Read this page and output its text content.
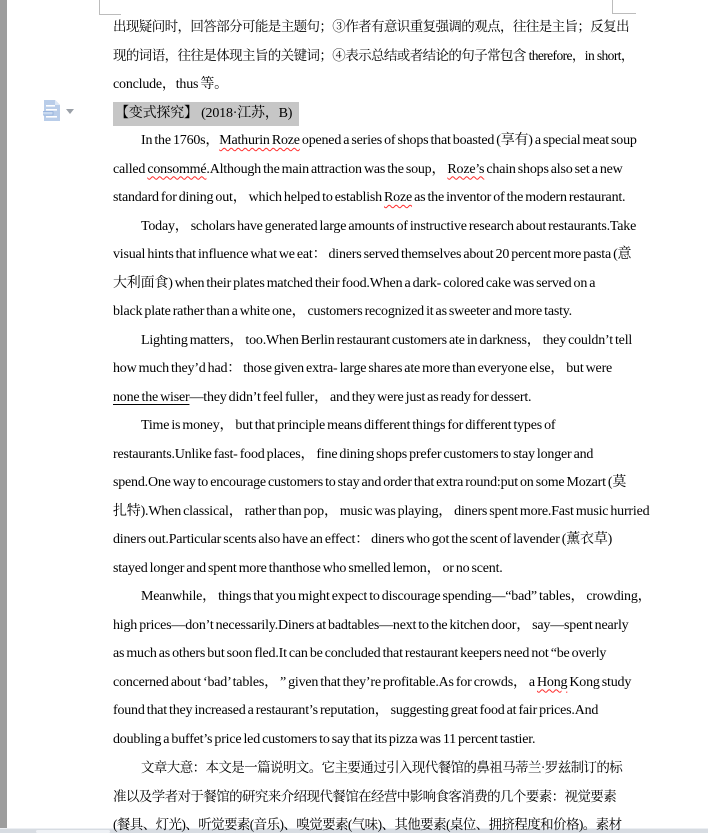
【变式探究】 (2018·江苏，B)
出现疑问时，回答部分可能是主题句；③作者有意识重复强调的观点，往往是主旨；反复出
现的词语，往往是体现主旨的关键词；④表示总结或者结论的句子常包含 therefore，in short，
conclude，thus 等。
In the 1760s，Mathurin Roze opened a series of shops that boasted (享有) a special meat soup
called consommé.Although the main attraction was the soup， Roze’s chain shops also set a new
standard for dining out， which helped to establish Roze as the inventor of the modern restaurant.
Today， scholars have generated large amounts of instructive research about restaurants.Take
visual hints that influence what we eat： diners served themselves about 20 percent more pasta (意
大利面食) when their plates matched their food.When a dark- colored cake was served on a
black plate rather than a white one， customers recognized it as sweeter and more tasty.
Lighting matters， too.When Berlin restaurant customers ate in darkness， they couldn’t tell
how much they’d had： those given extra- large shares ate more than everyone else， but were
none the wiser—they didn’t feel fuller， and they were just as ready for dessert.
Time is money， but that principle means different things for different types of
restaurants.Unlike fast- food places， fine dining shops prefer customers to stay longer and
spend.One way to encourage customers to stay and order that extra round:put on some Mozart (莫
扎特).When classical， rather than pop， music was playing， diners spent more.Fast music hurried
diners out.Particular scents also have an effect： diners who got the scent of lavender (薰衣草)
stayed longer and spent more thanthose who smelled lemon， or no scent.
Meanwhile， things that you might expect to discourage spending—“bad” tables， crowding，
high prices—don’t necessarily.Diners at badtables—next to the kitchen door， say—spent nearly
as much as others but soon fled.It can be concluded that restaurant keepers need not “be overly
concerned about ‘bad’ tables， ” given that they’re profitable.As for crowds， a Hong Kong study
found that they increased a restaurant’s reputation， suggesting great food at fair prices.And
doubling a buffet’s price led customers to say that its pizza was 11 percent tastier.
文章大意：本文是一篇说明文。它主要通过引入现代餐馆的鼻祖马蒂兰·罗兹制订的标
准以及学者对于餐馆的研究来介绍现代餐馆在经营中影响食客消费的几个要素：视觉要素
(餐具、灯光)、听觉要素(音乐)、嗅觉要素(气味)、其他要素(桌位、拥挤程度和价格)。素材
